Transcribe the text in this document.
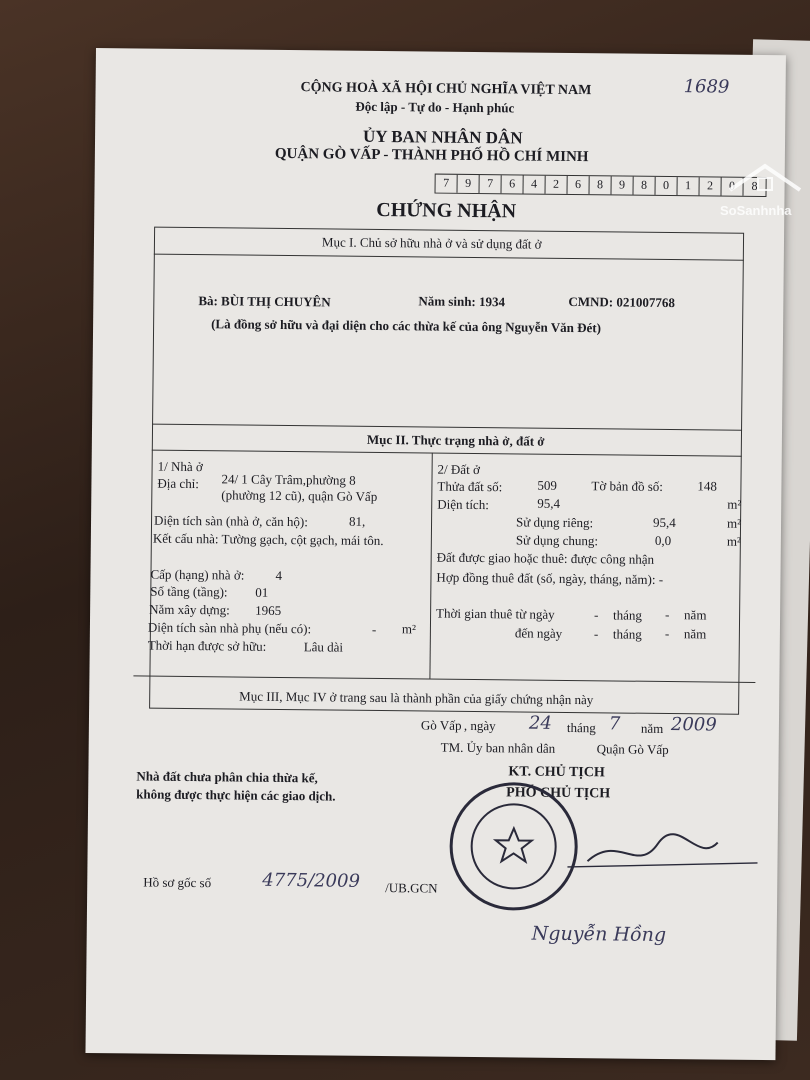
CỘNG HOÀ XÃ HỘI CHỦ NGHĨA VIỆT NAM
Độc lập - Tự do - Hạnh phúc
1689
ỦY BAN NHÂN DÂN
QUẬN GÒ VẤP - THÀNH PHỐ HỒ CHÍ MINH
7	9	7	6	4	2	6	8	9	8	0	1	2	0	8
CHỨNG NHẬN
Mục I. Chủ sở hữu nhà ở và sử dụng đất ở
Bà: BÙI THỊ CHUYÊN	Năm sinh: 1934	CMND: 021007768
(Là đồng sở hữu và đại diện cho các thừa kế của ông Nguyễn Văn Đét)
Mục II. Thực trạng nhà ở, đất ở
1/ Nhà ở
Địa chỉ: 24/ 1 Cây Trâm,phường 8
(phường 12 cũ), quận Gò Vấp
Diện tích sàn (nhà ở, căn hộ):	81,
Kết cấu nhà: Tường gạch, cột gạch, mái tôn.
Cấp (hạng) nhà ở: 4
Số tầng (tầng): 01
Năm xây dựng: 1965
Diện tích sàn nhà phụ (nếu có):	- m²
Thời hạn được sở hữu:	Lâu dài
2/ Đất ở
Thửa đất số:	509	Tờ bản đồ số:	148
Diện tích:	95,4	m²
Sử dụng riêng:	95,4	m²
Sử dụng chung:	0,0	m²
Đất được giao hoặc thuê: được công nhận
Hợp đồng thuê đất (số, ngày, tháng, năm): -
Thời gian thuê từ ngày	- tháng - năm
đến ngày - tháng - năm
Mục III, Mục IV ở trang sau là thành phần của giấy chứng nhận này
Gò Vấp , ngày 24 tháng 7 năm 2009
TM. Ủy ban nhân dân	Quận Gò Vấp
KT. CHỦ TỊCH
PHÓ CHỦ TỊCH
Nguyễn Hồng
Nhà đất chưa phân chia thừa kế,
không được thực hiện các giao dịch.
Hồ sơ gốc số	4775/2009 /UB.GCN
SoSanhnha
